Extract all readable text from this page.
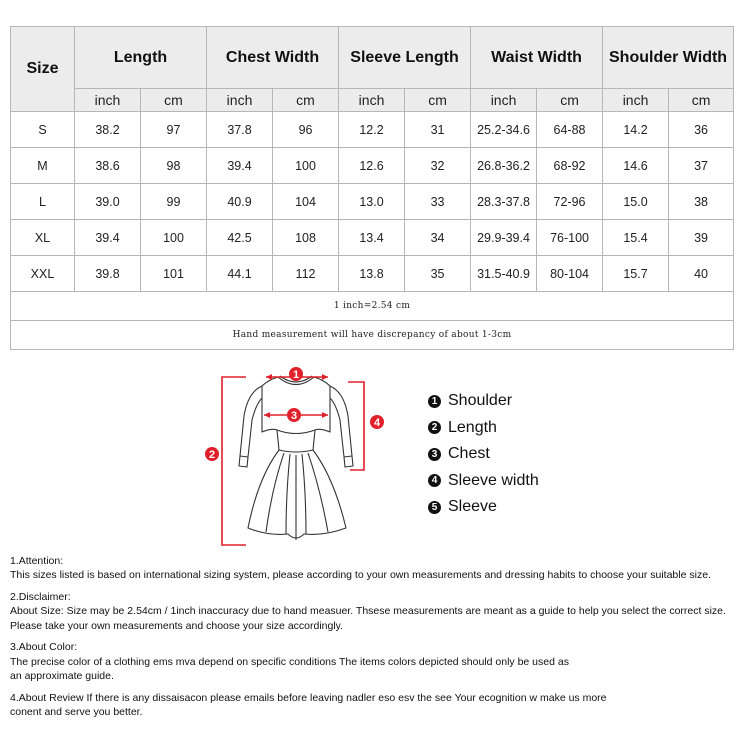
Size	Length		Chest Width		Sleeve Length		Waist Width		Shoulder Width	
	inch	cm	inch	cm	inch	cm	inch	cm	inch	cm
S	38.2	97	37.8	96	12.2	31	25.2-34.6	64-88	14.2	36
M	38.6	98	39.4	100	12.6	32	26.8-36.2	68-92	14.6	37
L	39.0	99	40.9	104	13.0	33	28.3-37.8	72-96	15.0	38
XL	39.4	100	42.5	108	13.4	34	29.9-39.4	76-100	15.4	39
XXL	39.8	101	44.1	112	13.8	35	31.5-40.9	80-104	15.7	40
1 inch=2.54 cm										
Hand measurement will have discrepancy of about 1-3cm										
1
2
3
4
1 Shoulder
2 Length
3 Chest
4 Sleeve width
5 Sleeve

1.Attention:

This sizes listed is based on international sizing system, please according to your own measurements and dressing habits to choose your suitable size.

2.Disclaimer:

About Size: Size may be 2.54cm / 1inch inaccuracy due to hand measuer. Thsese measurements are meant as a guide to help you select the correct size.

Please take your own measurements and choose your size accordingly.

3.About Color:

The precise color of a clothing ems mva depend on specific conditions The items colors depicted should only be used as

an approximate guide.

4.About Review If there is any dissaisacon please emails before leaving nadler eso esv the see Your ecognition w make us more

conent and serve you better.
